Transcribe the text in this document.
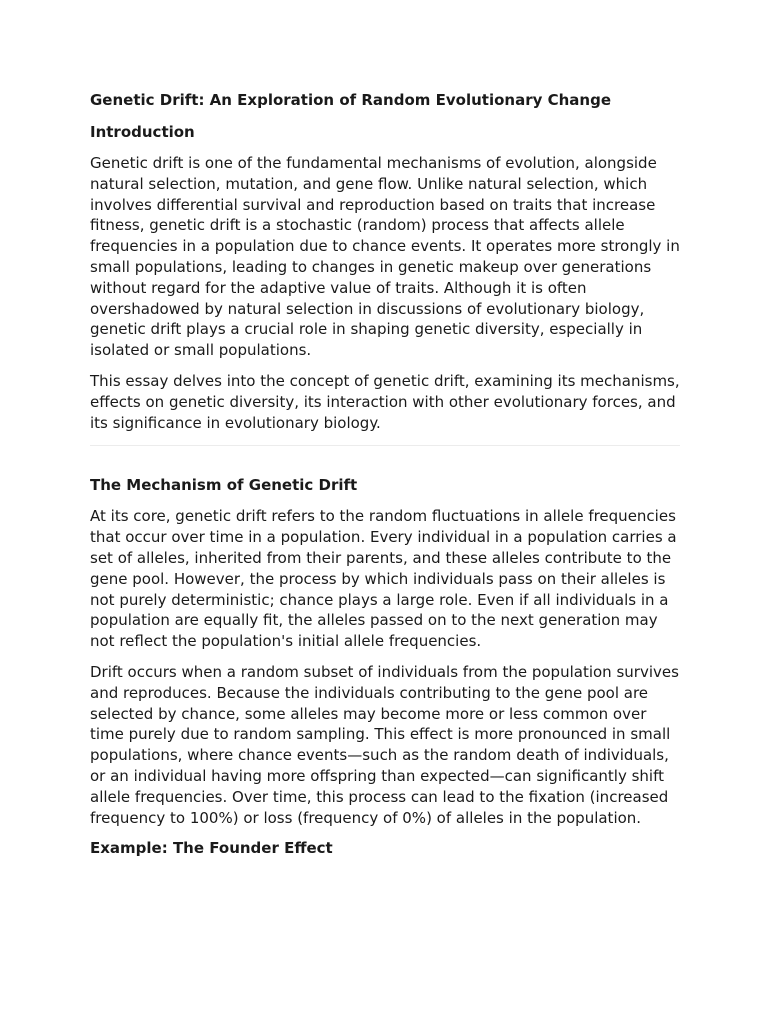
Genetic Drift: An Exploration of Random Evolutionary Change
Introduction

Genetic drift is one of the fundamental mechanisms of evolution, alongside natural selection, mutation, and gene flow. Unlike natural selection, which involves differential survival and reproduction based on traits that increase fitness, genetic drift is a stochastic (random) process that affects allele frequencies in a population due to chance events. It operates more strongly in small populations, leading to changes in genetic makeup over generations without regard for the adaptive value of traits. Although it is often overshadowed by natural selection in discussions of evolutionary biology, genetic drift plays a crucial role in shaping genetic diversity, especially in isolated or small populations.

This essay delves into the concept of genetic drift, examining its mechanisms, effects on genetic diversity, its interaction with other evolutionary forces, and its significance in evolutionary biology.

The Mechanism of Genetic Drift

At its core, genetic drift refers to the random fluctuations in allele frequencies that occur over time in a population. Every individual in a population carries a set of alleles, inherited from their parents, and these alleles contribute to the gene pool. However, the process by which individuals pass on their alleles is not purely deterministic; chance plays a large role. Even if all individuals in a population are equally fit, the alleles passed on to the next generation may not reflect the population's initial allele frequencies.

Drift occurs when a random subset of individuals from the population survives and reproduces. Because the individuals contributing to the gene pool are selected by chance, some alleles may become more or less common over time purely due to random sampling. This effect is more pronounced in small populations, where chance events—such as the random death of individuals, or an individual having more offspring than expected—can significantly shift allele frequencies. Over time, this process can lead to the fixation (increased frequency to 100%) or loss (frequency of 0%) of alleles in the population.

Example: The Founder Effect
